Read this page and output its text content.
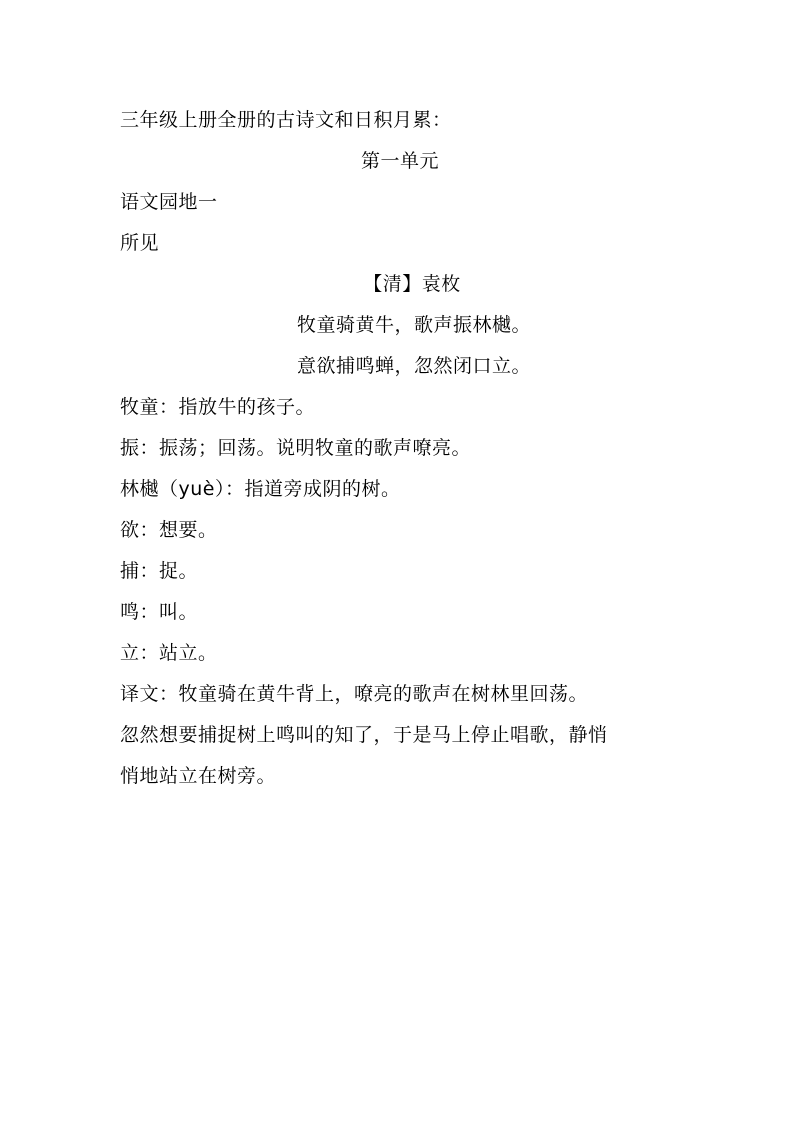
三年级上册全册的古诗文和日积月累：
第一单元
语文园地一
所见
【清】袁枚
牧童骑黄牛，歌声振林樾。
意欲捕鸣蝉，忽然闭口立。
牧童：指放牛的孩子。
振：振荡；回荡。说明牧童的歌声嘹亮。
林樾（yuè）：指道旁成阴的树。
欲：想要。
捕：捉。
鸣：叫。
立：站立。
译文：牧童骑在黄牛背上，嘹亮的歌声在树林里回荡。
忽然想要捕捉树上鸣叫的知了，于是马上停止唱歌，静悄
悄地站立在树旁。
